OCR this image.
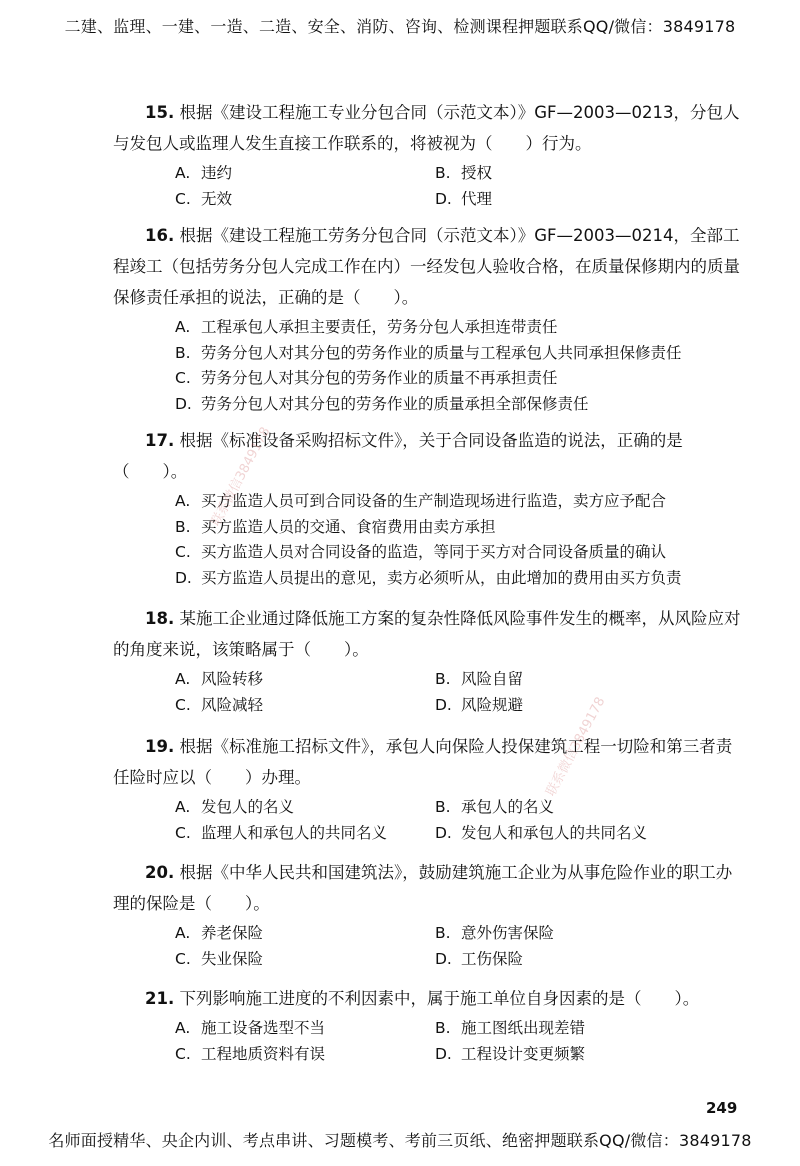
二建、监理、一建、一造、二造、安全、消防、咨询、检测课程押题联系QQ/微信：3849178

15. 根据《建设工程施工专业分包合同（示范文本）》GF—2003—0213，分包人与发包人或监理人发生直接工作联系的，将被视为（　　）行为。

A. 违约	B. 授权
C. 无效	D. 代理

16. 根据《建设工程施工劳务分包合同（示范文本）》GF—2003—0214，全部工程竣工（包括劳务分包人完成工作在内）一经发包人验收合格，在质量保修期内的质量保修责任承担的说法，正确的是（　　）。

A. 工程承包人承担主要责任，劳务分包人承担连带责任
B. 劳务分包人对其分包的劳务作业的质量与工程承包人共同承担保修责任
C. 劳务分包人对其分包的劳务作业的质量不再承担责任
D. 劳务分包人对其分包的劳务作业的质量承担全部保修责任

17. 根据《标准设备采购招标文件》，关于合同设备监造的说法，正确的是（　　）。

A. 买方监造人员可到合同设备的生产制造现场进行监造，卖方应予配合
B. 买方监造人员的交通、食宿费用由卖方承担
C. 买方监造人员对合同设备的监造，等同于买方对合同设备质量的确认
D. 买方监造人员提出的意见，卖方必须听从，由此增加的费用由买方负责

18. 某施工企业通过降低施工方案的复杂性降低风险事件发生的概率，从风险应对的角度来说，该策略属于（　　）。

A. 风险转移	B. 风险自留
C. 风险减轻	D. 风险规避

19. 根据《标准施工招标文件》，承包人向保险人投保建筑工程一切险和第三者责任险时应以（　　）办理。

A. 发包人的名义	B. 承包人的名义
C. 监理人和承包人的共同名义	D. 发包人和承包人的共同名义

20. 根据《中华人民共和国建筑法》，鼓励建筑施工企业为从事危险作业的职工办理的保险是（　　）。

A. 养老保险	B. 意外伤害保险
C. 失业保险	D. 工伤保险

21. 下列影响施工进度的不利因素中，属于施工单位自身因素的是（　　）。

A. 施工设备选型不当	B. 施工图纸出现差错
C. 工程地质资料有误	D. 工程设计变更频繁
联系微信3849178
联系微信3849178
249
名师面授精华、央企内训、考点串讲、习题模考、考前三页纸、绝密押题联系QQ/微信：3849178
